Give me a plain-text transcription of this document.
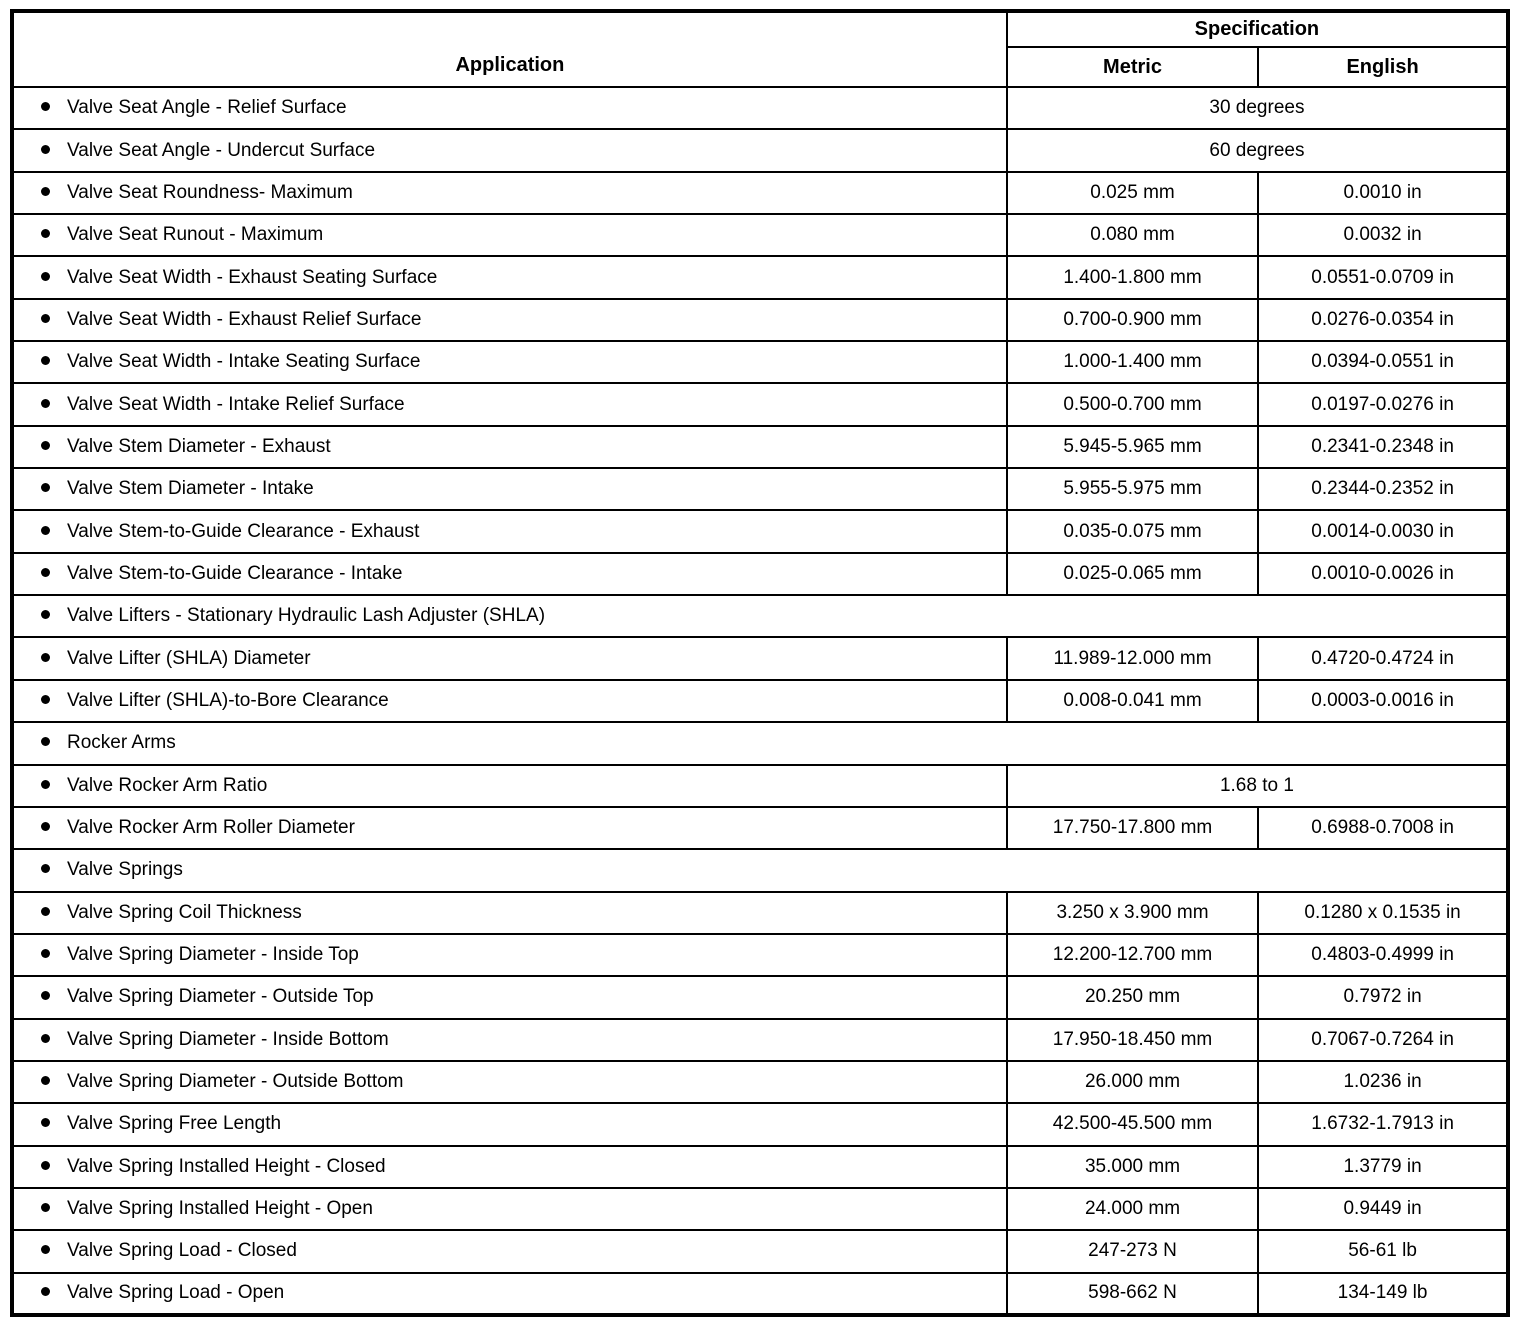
Application	Specification	
	Metric	English
Valve Seat Angle - Relief Surface	30 degrees	
Valve Seat Angle - Undercut Surface	60 degrees	
Valve Seat Roundness- Maximum	0.025 mm	0.0010 in
Valve Seat Runout - Maximum	0.080 mm	0.0032 in
Valve Seat Width - Exhaust Seating Surface	1.400-1.800 mm	0.0551-0.0709 in
Valve Seat Width - Exhaust Relief Surface	0.700-0.900 mm	0.0276-0.0354 in
Valve Seat Width - Intake Seating Surface	1.000-1.400 mm	0.0394-0.0551 in
Valve Seat Width - Intake Relief Surface	0.500-0.700 mm	0.0197-0.0276 in
Valve Stem Diameter - Exhaust	5.945-5.965 mm	0.2341-0.2348 in
Valve Stem Diameter - Intake	5.955-5.975 mm	0.2344-0.2352 in
Valve Stem-to-Guide Clearance - Exhaust	0.035-0.075 mm	0.0014-0.0030 in
Valve Stem-to-Guide Clearance - Intake	0.025-0.065 mm	0.0010-0.0026 in
Valve Lifters - Stationary Hydraulic Lash Adjuster (SHLA)		
Valve Lifter (SHLA) Diameter	11.989-12.000 mm	0.4720-0.4724 in
Valve Lifter (SHLA)-to-Bore Clearance	0.008-0.041 mm	0.0003-0.0016 in
Rocker Arms		
Valve Rocker Arm Ratio	1.68 to 1	
Valve Rocker Arm Roller Diameter	17.750-17.800 mm	0.6988-0.7008 in
Valve Springs		
Valve Spring Coil Thickness	3.250 x 3.900 mm	0.1280 x 0.1535 in
Valve Spring Diameter - Inside Top	12.200-12.700 mm	0.4803-0.4999 in
Valve Spring Diameter - Outside Top	20.250 mm	0.7972 in
Valve Spring Diameter - Inside Bottom	17.950-18.450 mm	0.7067-0.7264 in
Valve Spring Diameter - Outside Bottom	26.000 mm	1.0236 in
Valve Spring Free Length	42.500-45.500 mm	1.6732-1.7913 in
Valve Spring Installed Height - Closed	35.000 mm	1.3779 in
Valve Spring Installed Height - Open	24.000 mm	0.9449 in
Valve Spring Load - Closed	247-273 N	56-61 lb
Valve Spring Load - Open	598-662 N	134-149 lb
